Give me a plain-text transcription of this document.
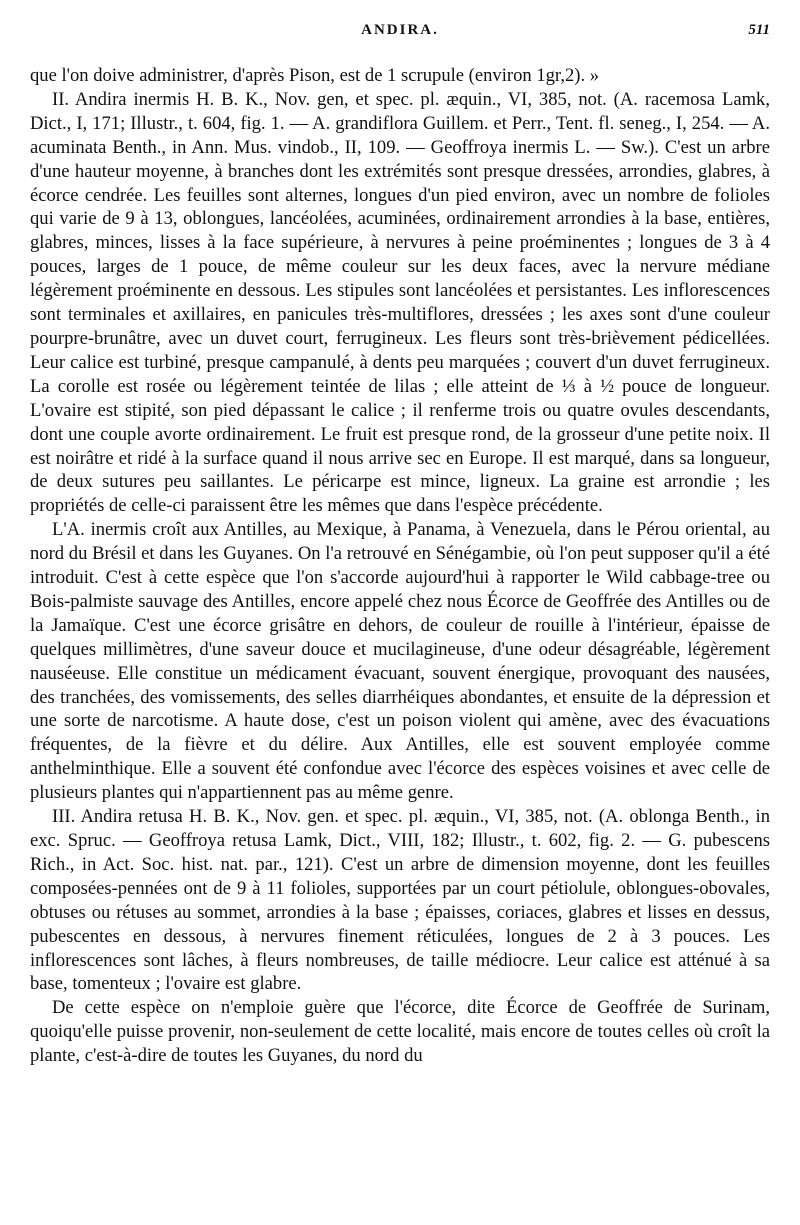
ANDIRA.	511

que l'on doive administrer, d'après Pison, est de 1 scrupule (environ 1gr,2). »

II. Andira inermis H. B. K., Nov. gen, et spec. pl. æquin., VI, 385, not. (A. racemosa Lamk, Dict., I, 171; Illustr., t. 604, fig. 1. — A. grandiflora Guillem. et Perr., Tent. fl. seneg., I, 254. — A. acuminata Benth., in Ann. Mus. vindob., II, 109. — Geoffroya inermis L. — Sw.). C'est un arbre d'une hauteur moyenne, à branches dont les extrémités sont presque dressées, arrondies, glabres, à écorce cendrée. Les feuilles sont alternes, longues d'un pied environ, avec un nombre de folioles qui varie de 9 à 13, oblongues, lancéolées, acuminées, ordinairement arrondies à la base, entières, glabres, minces, lisses à la face supérieure, à nervures à peine proéminentes ; longues de 3 à 4 pouces, larges de 1 pouce, de même couleur sur les deux faces, avec la nervure médiane légèrement proéminente en dessous. Les stipules sont lancéolées et persistantes. Les inflorescences sont terminales et axillaires, en panicules très-multiflores, dressées ; les axes sont d'une couleur pourpre-brunâtre, avec un duvet court, ferrugineux. Les fleurs sont très-brièvement pédicellées. Leur calice est turbiné, presque campanulé, à dents peu marquées ; couvert d'un duvet ferrugineux. La corolle est rosée ou légèrement teintée de lilas ; elle atteint de ⅓ à ½ pouce de longueur. L'ovaire est stipité, son pied dépassant le calice ; il renferme trois ou quatre ovules descendants, dont une couple avorte ordinairement. Le fruit est presque rond, de la grosseur d'une petite noix. Il est noirâtre et ridé à la surface quand il nous arrive sec en Europe. Il est marqué, dans sa longueur, de deux sutures peu saillantes. Le péricarpe est mince, ligneux. La graine est arrondie ; les propriétés de celle-ci paraissent être les mêmes que dans l'espèce précédente.

L'A. inermis croît aux Antilles, au Mexique, à Panama, à Venezuela, dans le Pérou oriental, au nord du Brésil et dans les Guyanes. On l'a retrouvé en Sénégambie, où l'on peut supposer qu'il a été introduit. C'est à cette espèce que l'on s'accorde aujourd'hui à rapporter le Wild cabbage-tree ou Bois-palmiste sauvage des Antilles, encore appelé chez nous Écorce de Geoffrée des Antilles ou de la Jamaïque. C'est une écorce grisâtre en dehors, de couleur de rouille à l'intérieur, épaisse de quelques millimètres, d'une saveur douce et mucilagineuse, d'une odeur désagréable, légèrement nauséeuse. Elle constitue un médicament évacuant, souvent énergique, provoquant des nausées, des tranchées, des vomissements, des selles diarrhéiques abondantes, et ensuite de la dépression et une sorte de narcotisme. A haute dose, c'est un poison violent qui amène, avec des évacuations fréquentes, de la fièvre et du délire. Aux Antilles, elle est souvent employée comme anthelminthique. Elle a souvent été confondue avec l'écorce des espèces voisines et avec celle de plusieurs plantes qui n'appartiennent pas au même genre.

III. Andira retusa H. B. K., Nov. gen. et spec. pl. æquin., VI, 385, not. (A. oblonga Benth., in exc. Spruc. — Geoffroya retusa Lamk, Dict., VIII, 182; Illustr., t. 602, fig. 2. — G. pubescens Rich., in Act. Soc. hist. nat. par., 121). C'est un arbre de dimension moyenne, dont les feuilles composées-pennées ont de 9 à 11 folioles, supportées par un court pétiolule, oblongues-obovales, obtuses ou rétuses au sommet, arrondies à la base ; épaisses, coriaces, glabres et lisses en dessus, pubescentes en dessous, à nervures finement réticulées, longues de 2 à 3 pouces. Les inflorescences sont lâches, à fleurs nombreuses, de taille médiocre. Leur calice est atténué à sa base, tomenteux ; l'ovaire est glabre.

De cette espèce on n'emploie guère que l'écorce, dite Écorce de Geoffrée de Surinam, quoiqu'elle puisse provenir, non-seulement de cette localité, mais encore de toutes celles où croît la plante, c'est-à-dire de toutes les Guyanes, du nord du
